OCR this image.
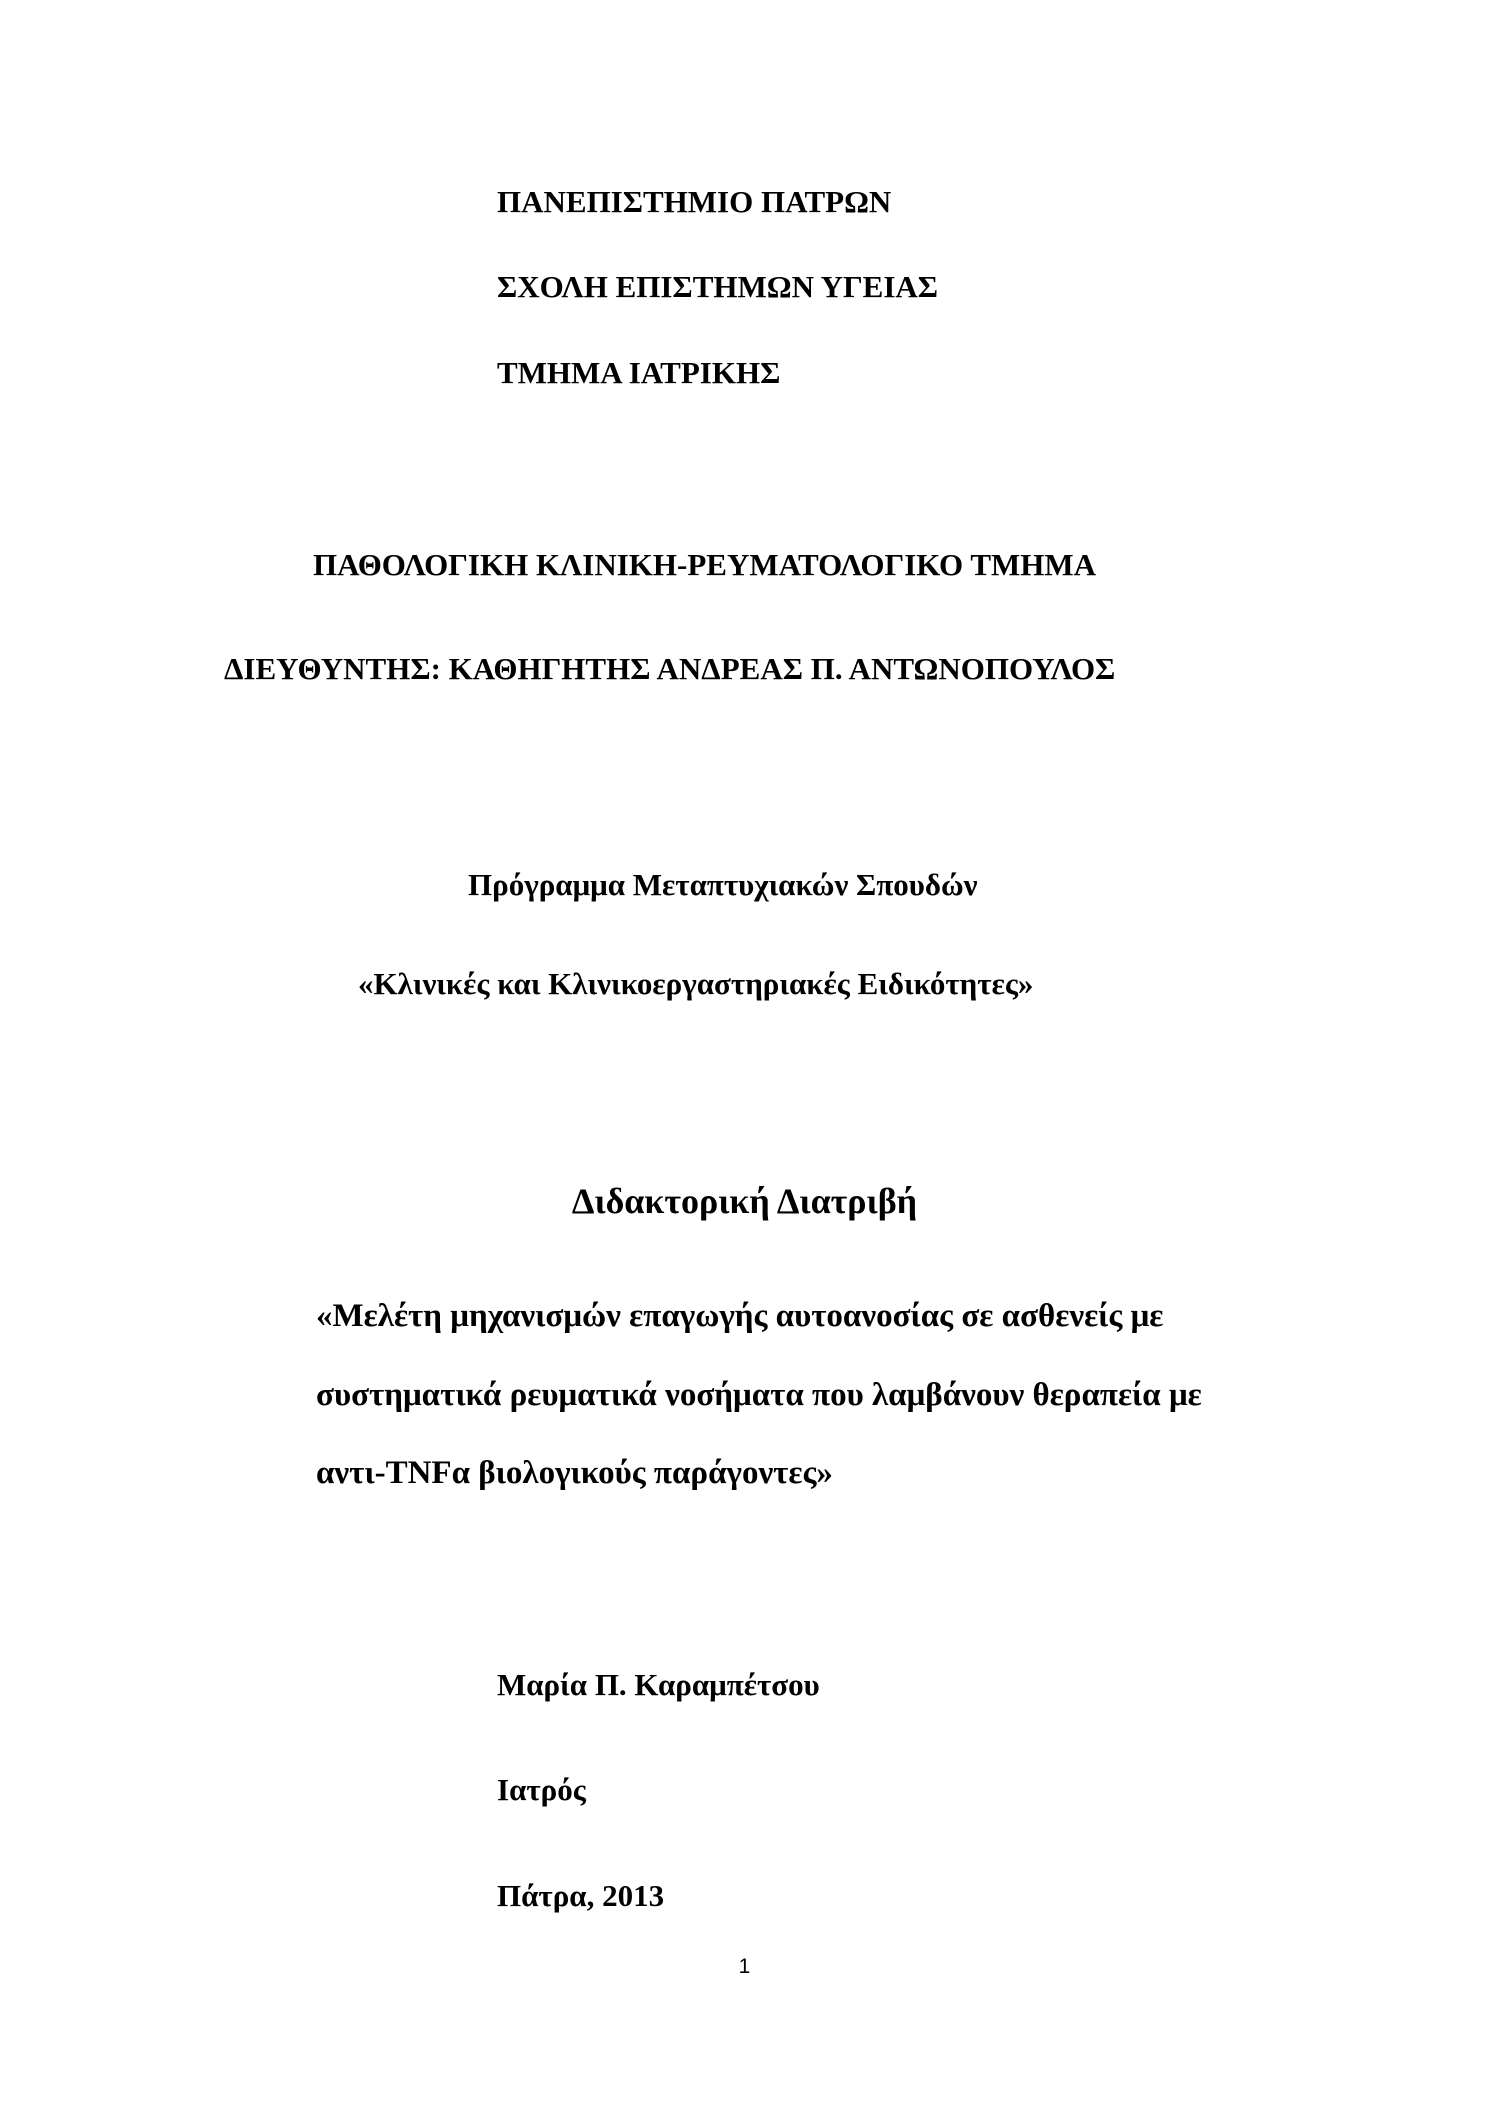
ΠΑΝΕΠΙΣΤΗΜΙΟ ΠΑΤΡΩΝ
ΣΧΟΛΗ ΕΠΙΣΤΗΜΩΝ ΥΓΕΙΑΣ
ΤΜΗΜΑ ΙΑΤΡΙΚΗΣ
ΠΑΘΟΛΟΓΙΚΗ ΚΛΙΝΙΚΗ-ΡΕΥΜΑΤΟΛΟΓΙΚΟ ΤΜΗΜΑ
ΔΙΕΥΘΥΝΤΗΣ: ΚΑΘΗΓΗΤΗΣ ΑΝΔΡΕΑΣ Π. ΑΝΤΩΝΟΠΟΥΛΟΣ
Πρόγραμμα Μεταπτυχιακών Σπουδών
«Κλινικές και Κλινικοεργαστηριακές Ειδικότητες»
Διδακτορική Διατριβή
«Μελέτη μηχανισμών επαγωγής αυτοανοσίας σε ασθενείς με
συστηματικά ρευματικά νοσήματα που λαμβάνουν θεραπεία με
αντι-TNFα βιολογικούς παράγοντες»
Μαρία Π. Καραμπέτσου
Ιατρός
Πάτρα, 2013
1
